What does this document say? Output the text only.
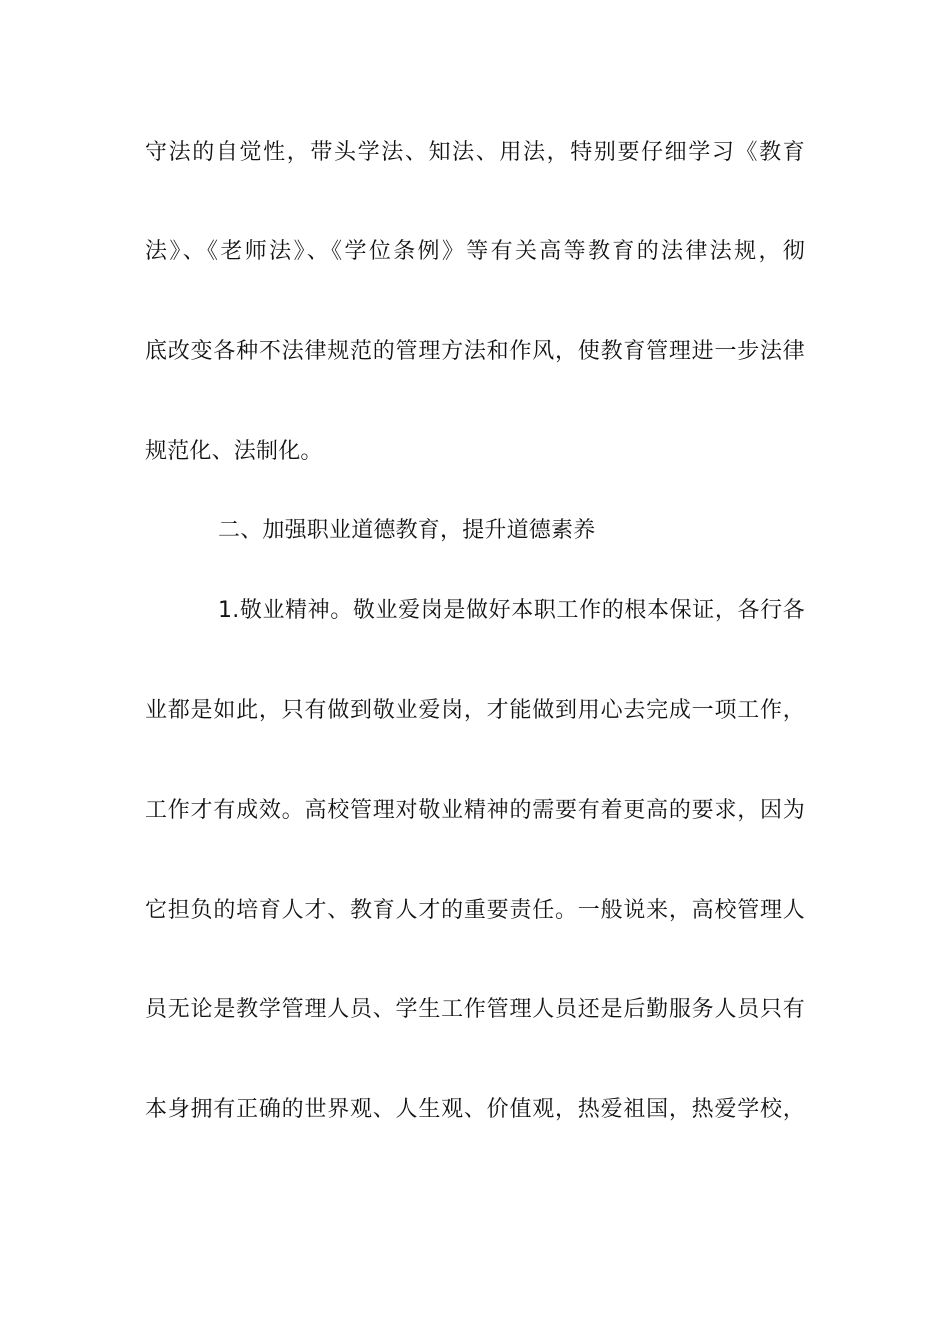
守法的自觉性，带头学法、知法、用法，特别要仔细学习《教育

法》、《老师法》、《学位条例》等有关高等教育的法律法规，彻

底改变各种不法律规范的管理方法和作风，使教育管理进一步法律

规范化、法制化。

二、加强职业道德教育，提升道德素养

1.敬业精神。敬业爱岗是做好本职工作的根本保证，各行各

业都是如此，只有做到敬业爱岗，才能做到用心去完成一项工作，

工作才有成效。高校管理对敬业精神的需要有着更高的要求，因为

它担负的培育人才、教育人才的重要责任。一般说来，高校管理人

员无论是教学管理人员、学生工作管理人员还是后勤服务人员只有

本身拥有正确的世界观、人生观、价值观，热爱祖国，热爱学校，
